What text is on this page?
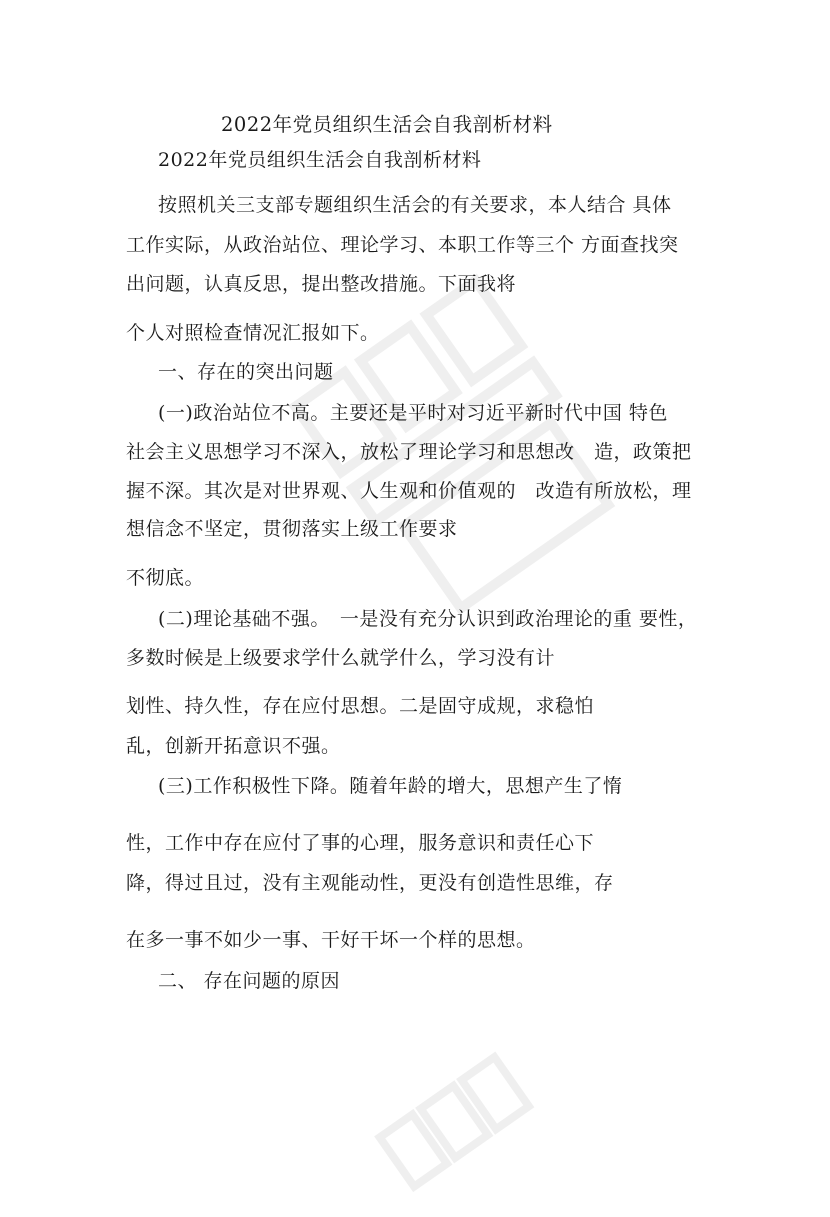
2022年党员组织生活会自我剖析材料
2022年党员组织生活会自我剖析材料
按照机关三支部专题组织生活会的有关要求，本人结合 具体
工作实际，从政治站位、理论学习、本职工作等三个 方面查找突
出问题，认真反思，提出整改措施。下面我将
个人对照检查情况汇报如下。
一、存在的突出问题
(一)政治站位不高。主要还是平时对习近平新时代中国 特色
社会主义思想学习不深入，放松了理论学习和思想改　造，政策把
握不深。其次是对世界观、人生观和价值观的　改造有所放松，理
想信念不坚定，贯彻落实上级工作要求
不彻底。
(二)理论基础不强。　一是没有充分认识到政治理论的重 要性，
多数时候是上级要求学什么就学什么，学习没有计
划性、持久性，存在应付思想。二是固守成规，求稳怕
乱，创新开拓意识不强。
(三)工作积极性下降。随着年龄的增大，思想产生了惰
性，工作中存在应付了事的心理，服务意识和责任心下
降，得过且过，没有主观能动性，更没有创造性思维，存
在多一事不如少一事、干好干坏一个样的思想。
二、 存在问题的原因
